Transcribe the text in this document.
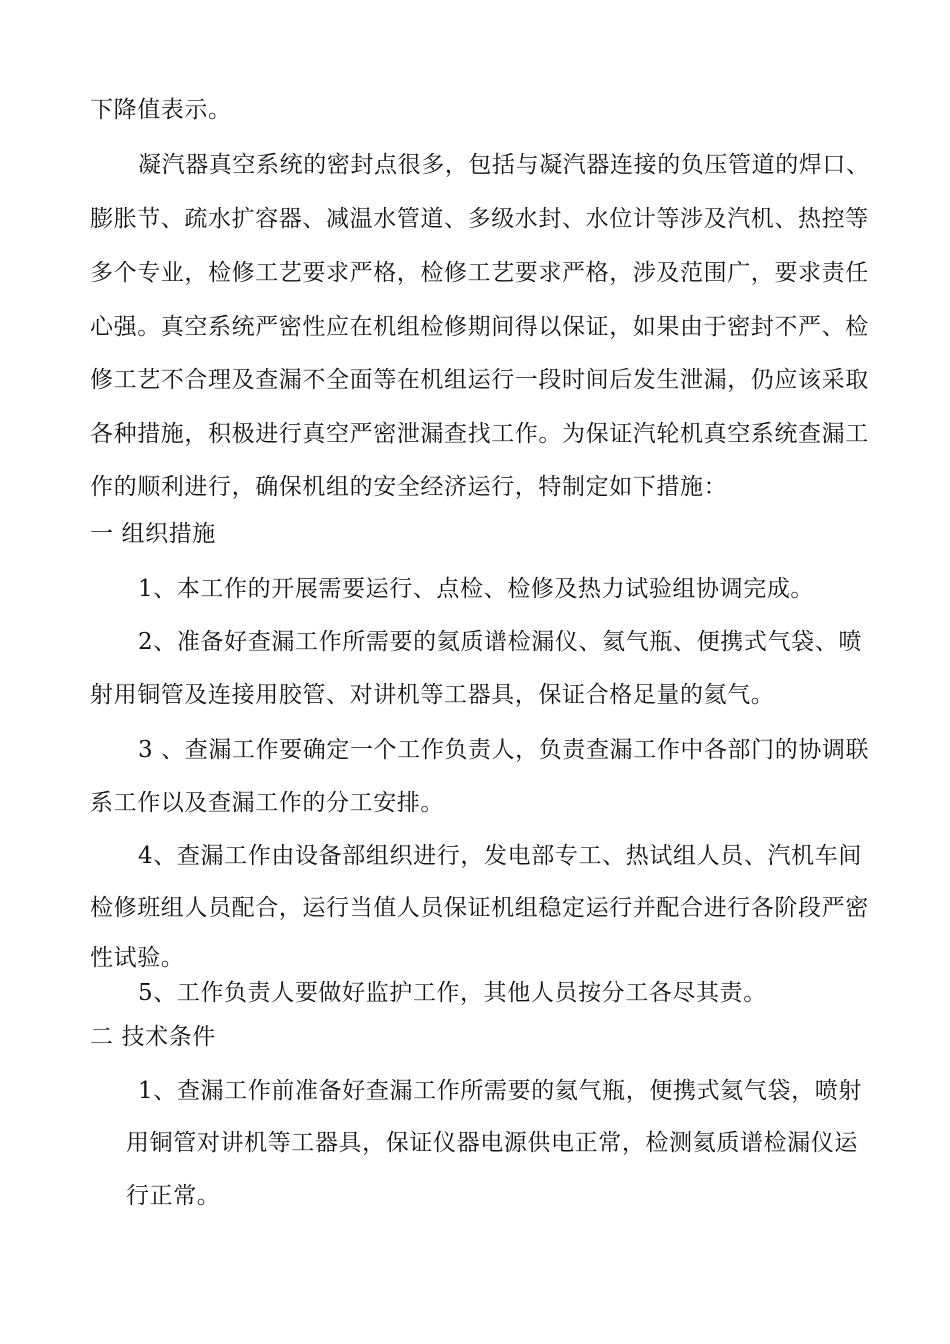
下降值表示。
凝汽器真空系统的密封点很多，包括与凝汽器连接的负压管道的焊口、
膨胀节、疏水扩容器、减温水管道、多级水封、水位计等涉及汽机、热控等
多个专业，检修工艺要求严格，检修工艺要求严格，涉及范围广，要求责任
心强。真空系统严密性应在机组检修期间得以保证，如果由于密封不严、检
修工艺不合理及查漏不全面等在机组运行一段时间后发生泄漏，仍应该采取
各种措施，积极进行真空严密泄漏查找工作。为保证汽轮机真空系统查漏工
作的顺利进行，确保机组的安全经济运行，特制定如下措施：
一 组织措施
1、本工作的开展需要运行、点检、检修及热力试验组协调完成。
2、准备好查漏工作所需要的氦质谱检漏仪、氦气瓶、便携式气袋、喷
射用铜管及连接用胶管、对讲机等工器具，保证合格足量的氦气。
3 、查漏工作要确定一个工作负责人，负责查漏工作中各部门的协调联
系工作以及查漏工作的分工安排。
4、查漏工作由设备部组织进行，发电部专工、热试组人员、汽机车间
检修班组人员配合，运行当值人员保证机组稳定运行并配合进行各阶段严密
性试验。
5、工作负责人要做好监护工作，其他人员按分工各尽其责。
二 技术条件
1、查漏工作前准备好查漏工作所需要的氦气瓶，便携式氦气袋，喷射
用铜管对讲机等工器具，保证仪器电源供电正常，检测氦质谱检漏仪运
行正常。
